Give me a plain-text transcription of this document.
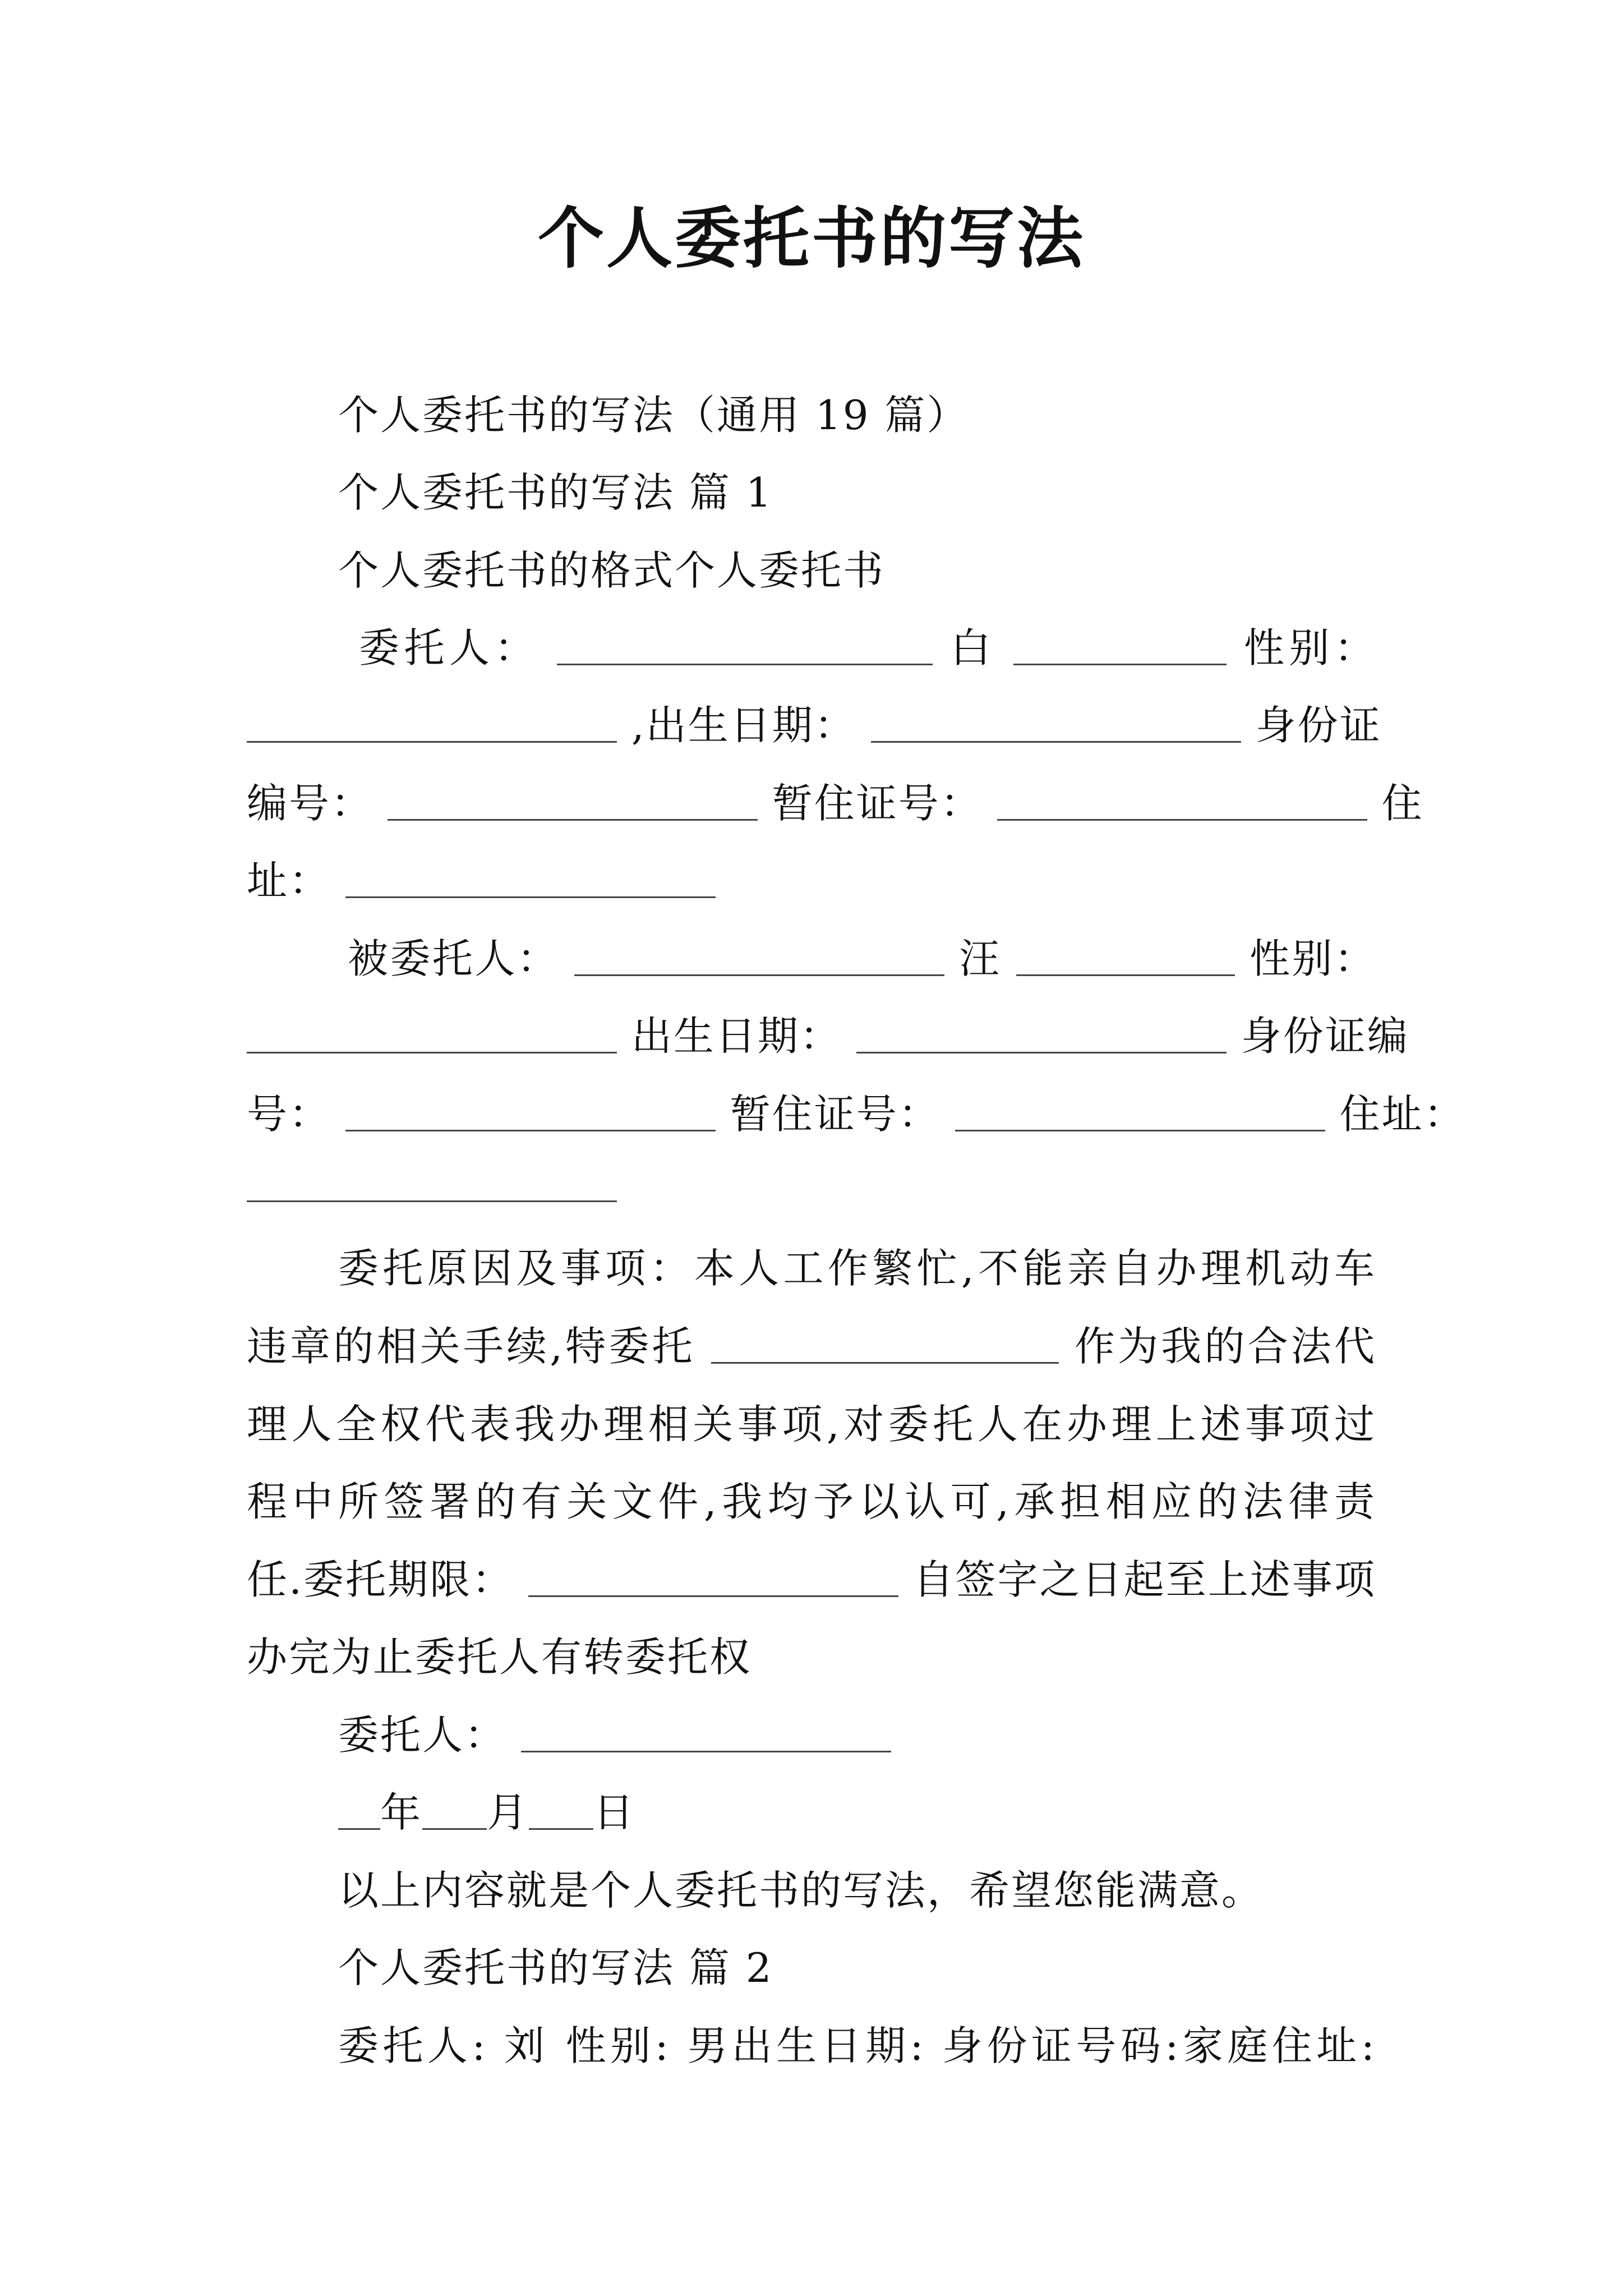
个人委托书的写法
个人委托书的写法（通用 19 篇）
个人委托书的写法 篇 1
个人委托书的格式个人委托书
委托人：	白	性别：
,出生日期：	身份证
编号：	暂住证号：	住
址：
被委托人：	汪	性别：
出生日期：	身份证编
号：	暂住证号：	住址：
委托原因及事项：本人工作繁忙,不能亲自办理机动车
违章的相关手续,特委托	作为我的合法代
理人全权代表我办理相关事项,对委托人在办理上述事项过
程中所签署的有关文件,我均予以认可,承担相应的法律责
任.委托期限：	自签字之日起至上述事项
办完为止委托人有转委托权
委托人：
年 月 日
以上内容就是个人委托书的写法，希望您能满意。
个人委托书的写法 篇 2
委托人: 刘 性别: 男出生日期: 身份证号码:家庭住址:
